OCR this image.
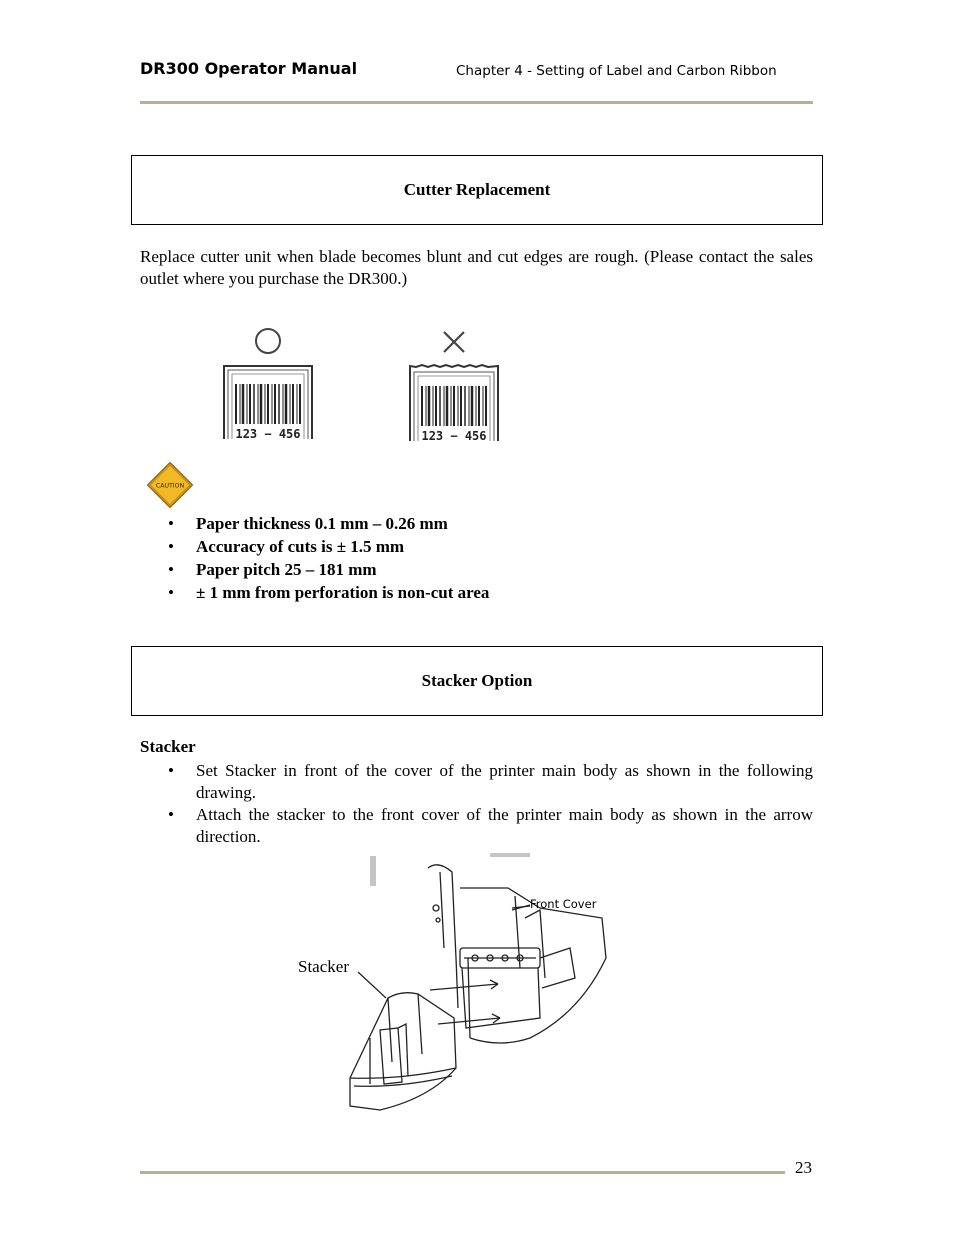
DR300 Operator Manual	Chapter 4 - Setting of Label and Carbon Ribbon
Cutter Replacement
Replace cutter unit when blade becomes blunt and cut edges are rough. (Please contact the sales outlet where you purchase the DR300.)
123 − 456	123 − 456
CAUTION
• Paper thickness 0.1 mm – 0.26 mm
• Accuracy of cuts is ± 1.5 mm
• Paper pitch 25 – 181 mm
• ± 1 mm from perforation is non-cut area
Stacker Option
Stacker
• Set Stacker in front of the cover of the printer main body as shown in the following drawing.
• Attach the stacker to the front cover of the printer main body as shown in the arrow direction.
Stacker
Front Cover
23
